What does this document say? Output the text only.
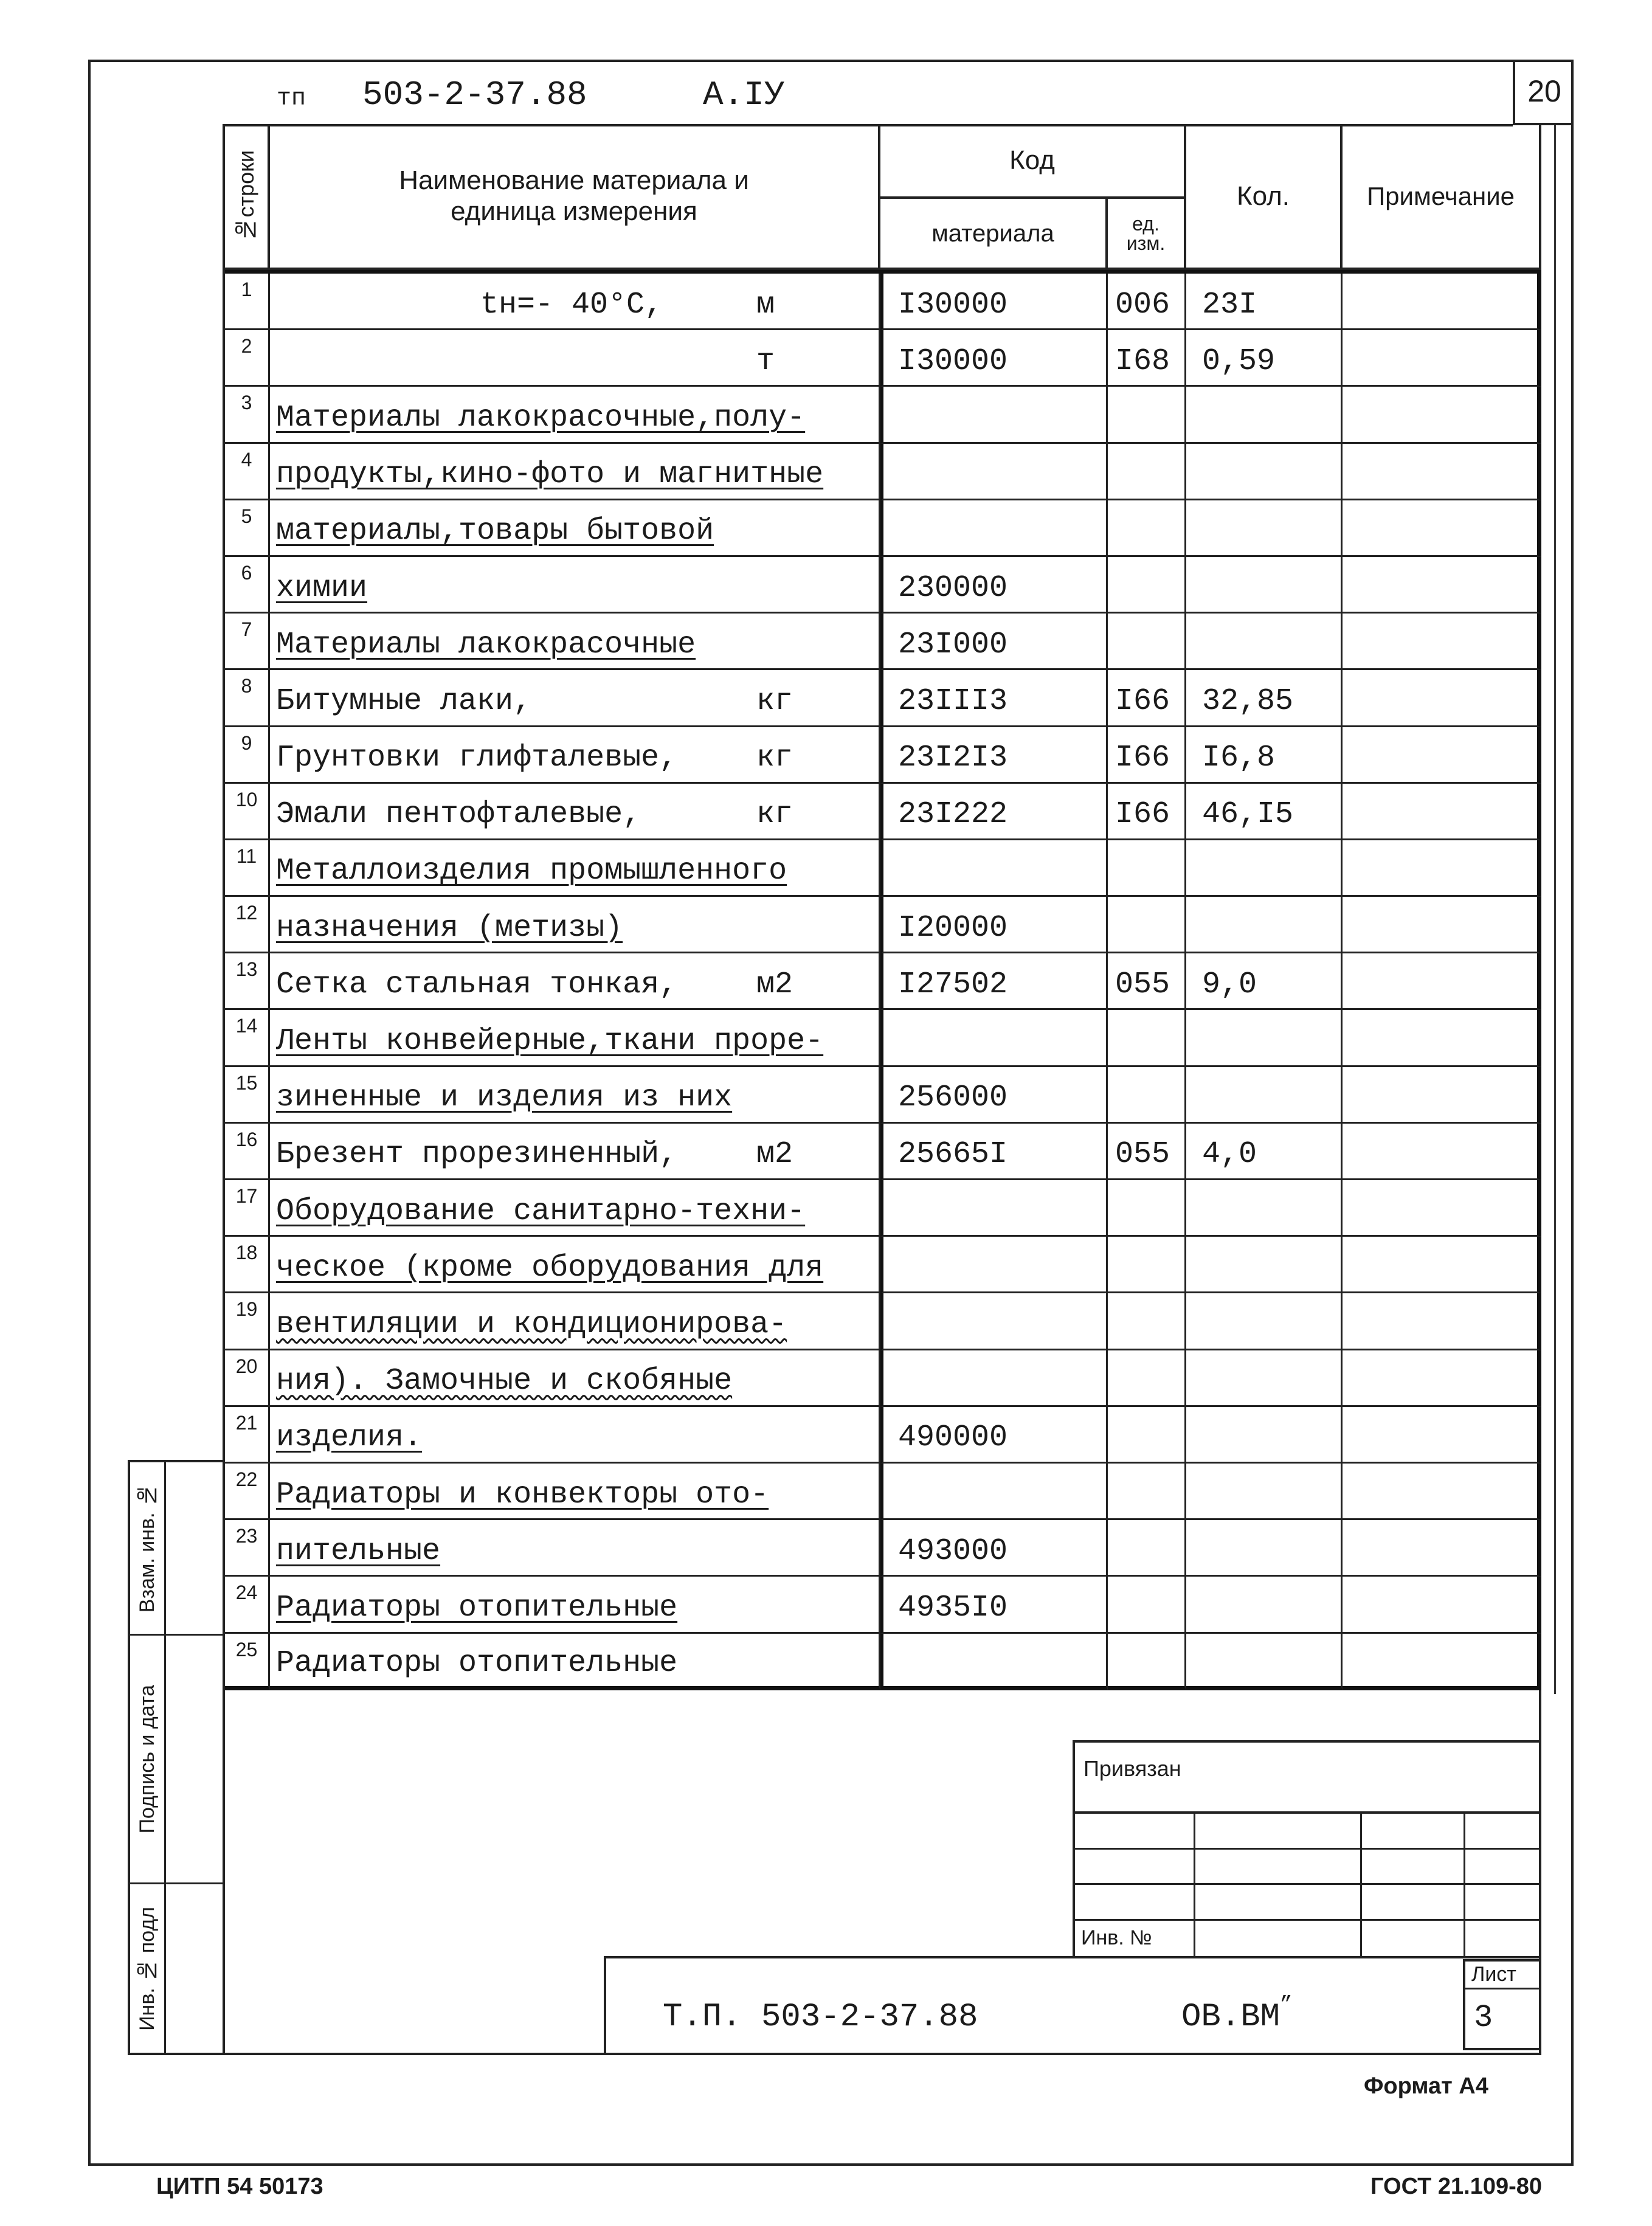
20
тп 503-2-37.88	А.IУ
№строки	Наименование материала и
единица измерения
Код
материала	ед.
изм.
Кол.	Примечание
1	tн=- 40°С,	м	I30000	006	23I
2	т	I30000	I68	0,59
3 Материалы лакокрасочные,полу-
4 продукты,кино-фото и магнитные
5 материалы,товары бытовой
6 химии	230000
7 Материалы лакокрасочные	23I000
8 Битумные лаки,	кг	23III3	I66	32,85
9 Грунтовки глифталевые,	кг	23I2I3	I66	I6,8
10 Эмали пентофталевые,	кг	23I222	I66	46,I5
11 Металлоизделия промышленного
12 назначения (метизы)	I20000
13 Сетка стальная тонкая,	м2	I27502	055	9,0
14 Ленты конвейерные,ткани проре-
15 зиненные и изделия из них	256000
16 Брезент прорезиненный,	м2	25665I	055	4,0
17 Оборудование санитарно-техни-
18 ческое (кроме оборудования для
19 вентиляции и кондиционирова-
20 ния). Замочные и скобяные
21 изделия.	490000
22 Радиаторы и конвекторы ото-
23 пительные	493000
24 Радиаторы отопительные	4935I0
25 Радиаторы отопительные
Взам. инв. №
Подпись и дата
Инв. № подл
Привязан
Инв. №
Т.П. 503-2-37.88	ОВ.ВМ”
Лист
3
Формат А4
ЦИТП 54 50173	ГОСТ 21.109-80
